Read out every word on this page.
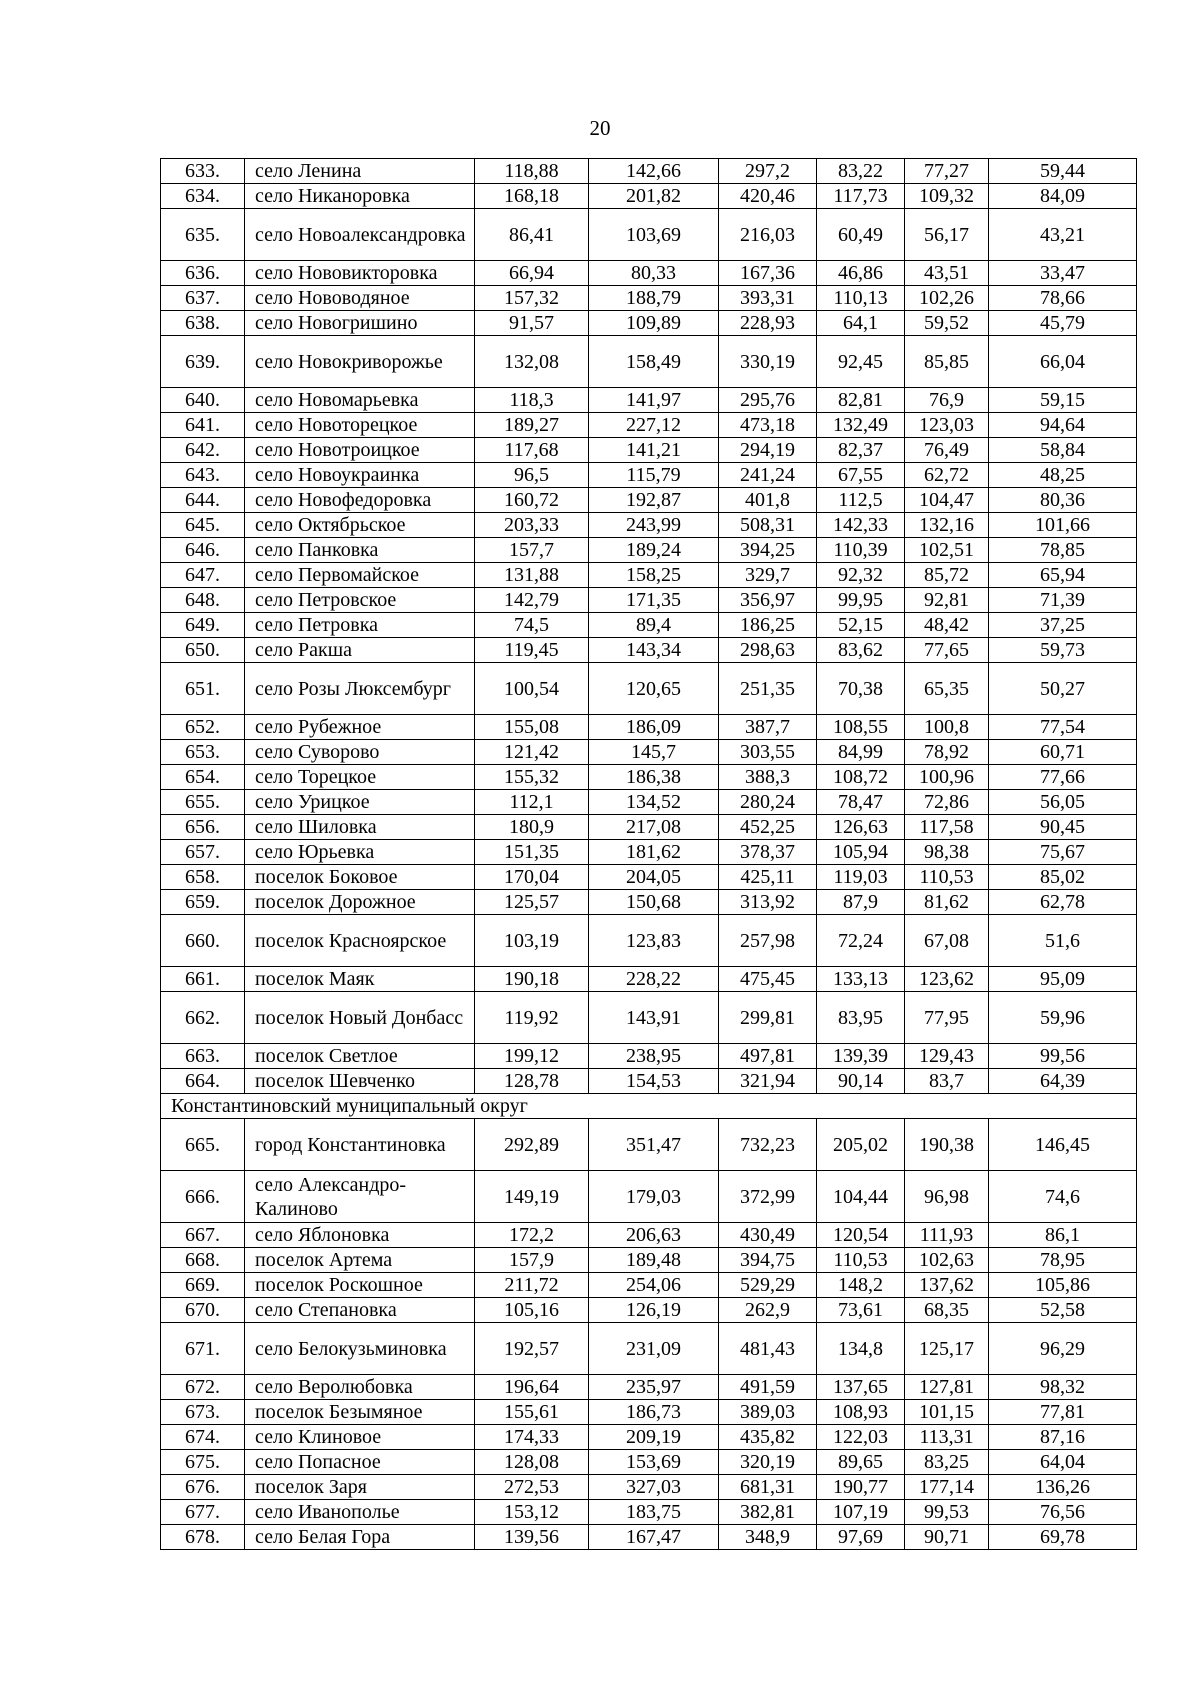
20
633.	село Ленина	118,88	142,66	297,2	83,22	77,27	59,44
634.	село Никаноровка	168,18	201,82	420,46	117,73	109,32	84,09
635.	село Новоалександровка	86,41	103,69	216,03	60,49	56,17	43,21
636.	село Нововикторовка	66,94	80,33	167,36	46,86	43,51	33,47
637.	село Нововодяное	157,32	188,79	393,31	110,13	102,26	78,66
638.	село Новогришино	91,57	109,89	228,93	64,1	59,52	45,79
639.	село Новокриворожье	132,08	158,49	330,19	92,45	85,85	66,04
640.	село Новомарьевка	118,3	141,97	295,76	82,81	76,9	59,15
641.	село Новоторецкое	189,27	227,12	473,18	132,49	123,03	94,64
642.	село Новотроицкое	117,68	141,21	294,19	82,37	76,49	58,84
643.	село Новоукраинка	96,5	115,79	241,24	67,55	62,72	48,25
644.	село Новофедоровка	160,72	192,87	401,8	112,5	104,47	80,36
645.	село Октябрьское	203,33	243,99	508,31	142,33	132,16	101,66
646.	село Панковка	157,7	189,24	394,25	110,39	102,51	78,85
647.	село Первомайское	131,88	158,25	329,7	92,32	85,72	65,94
648.	село Петровское	142,79	171,35	356,97	99,95	92,81	71,39
649.	село Петровка	74,5	89,4	186,25	52,15	48,42	37,25
650.	село Ракша	119,45	143,34	298,63	83,62	77,65	59,73
651.	село Розы Люксембург	100,54	120,65	251,35	70,38	65,35	50,27
652.	село Рубежное	155,08	186,09	387,7	108,55	100,8	77,54
653.	село Суворово	121,42	145,7	303,55	84,99	78,92	60,71
654.	село Торецкое	155,32	186,38	388,3	108,72	100,96	77,66
655.	село Урицкое	112,1	134,52	280,24	78,47	72,86	56,05
656.	село Шиловка	180,9	217,08	452,25	126,63	117,58	90,45
657.	село Юрьевка	151,35	181,62	378,37	105,94	98,38	75,67
658.	поселок Боковое	170,04	204,05	425,11	119,03	110,53	85,02
659.	поселок Дорожное	125,57	150,68	313,92	87,9	81,62	62,78
660.	поселок Красноярское	103,19	123,83	257,98	72,24	67,08	51,6
661.	поселок Маяк	190,18	228,22	475,45	133,13	123,62	95,09
662.	поселок Новый Донбасс	119,92	143,91	299,81	83,95	77,95	59,96
663.	поселок Светлое	199,12	238,95	497,81	139,39	129,43	99,56
664.	поселок Шевченко	128,78	154,53	321,94	90,14	83,7	64,39
Константиновский муниципальный округ							
665.	город Константиновка	292,89	351,47	732,23	205,02	190,38	146,45
666.	село Александро-Калиново	149,19	179,03	372,99	104,44	96,98	74,6
667.	село Яблоновка	172,2	206,63	430,49	120,54	111,93	86,1
668.	поселок Артема	157,9	189,48	394,75	110,53	102,63	78,95
669.	поселок Роскошное	211,72	254,06	529,29	148,2	137,62	105,86
670.	село Степановка	105,16	126,19	262,9	73,61	68,35	52,58
671.	село Белокузьминовка	192,57	231,09	481,43	134,8	125,17	96,29
672.	село Веролюбовка	196,64	235,97	491,59	137,65	127,81	98,32
673.	поселок Безымяное	155,61	186,73	389,03	108,93	101,15	77,81
674.	село Клиновое	174,33	209,19	435,82	122,03	113,31	87,16
675.	село Попасное	128,08	153,69	320,19	89,65	83,25	64,04
676.	поселок Заря	272,53	327,03	681,31	190,77	177,14	136,26
677.	село Иванополье	153,12	183,75	382,81	107,19	99,53	76,56
678.	село Белая Гора	139,56	167,47	348,9	97,69	90,71	69,78
